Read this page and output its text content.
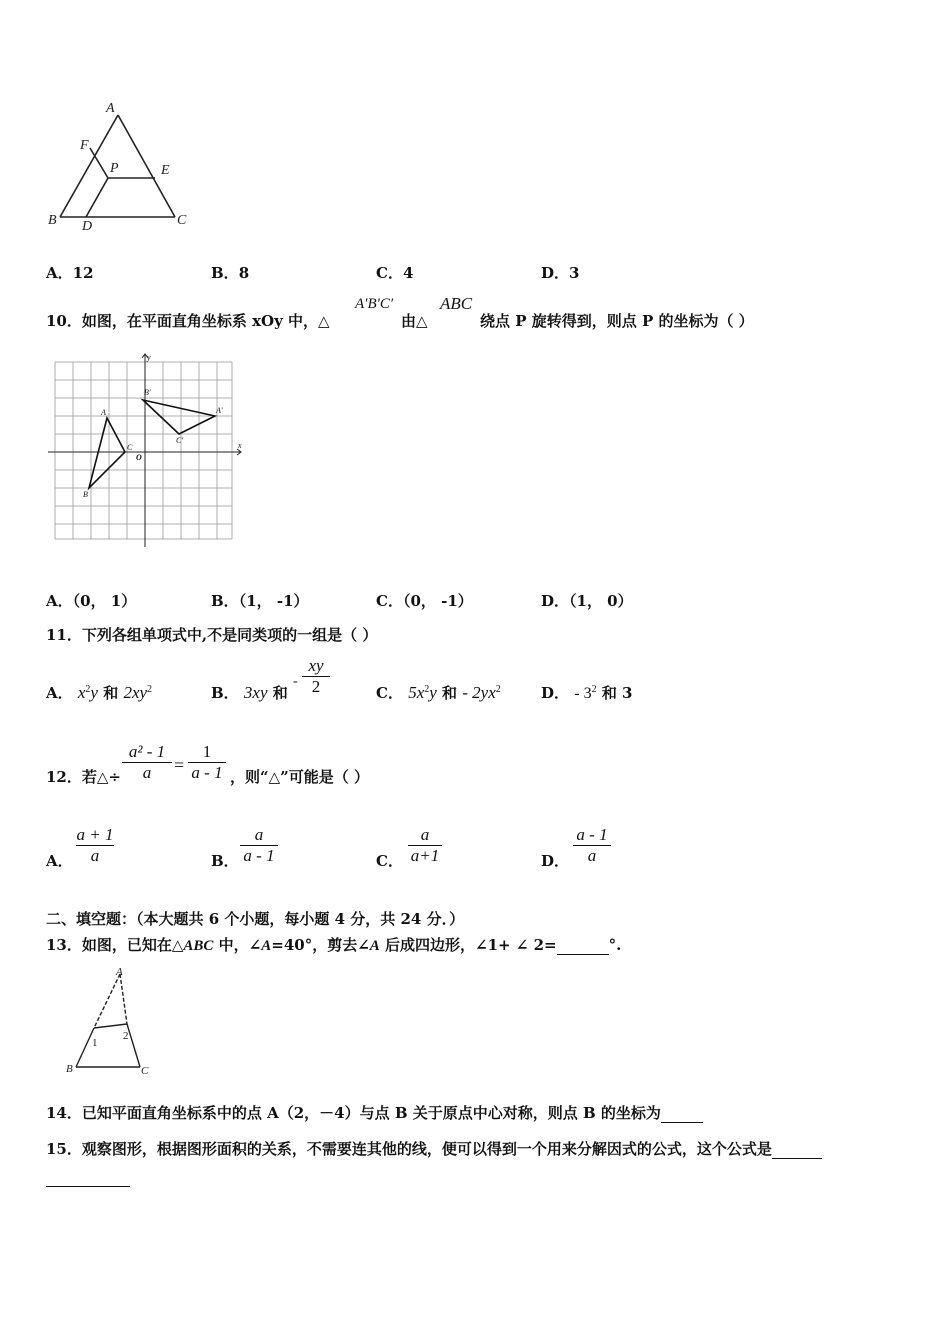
A
F
P	E
B D	C
A．12	B．8	C．4	D．3
10．如图，在平面直角坐标系 xOy 中，△
A′B′C′
由△
ABC
绕点 P 旋转得到，则点 P 的坐标为（ ）
A
B
C
A′
B′
C′
O
x
y
A．（0， 1）	B．（1， -1）	C．（0， -1）	D．（1， 0）
11．下列各组单项式中,不是同类项的一组是（ ）
A． $x^2y$ 和 $2xy^2$	B． 3xy 和
- $\frac{xy}{2}$	C． $5x^2y$ 和 - $2yx^2$	D． - $3^2$ 和 3
12．若△÷ $\frac{\text{a² - 1}}{a} = \frac{1}{a - 1}$ ，则“△”可能是（ ）
A． $\frac{a + 1}{a}$	B． $\frac{a}{a - 1}$	C． $\frac{a}{a+1}$	D． $\frac{a - 1}{a}$
二、填空题：（本大题共 6 个小题，每小题 4 分，共 24 分．）
13．如图，已知在△ABC 中，∠A=40°，剪去∠A 后成四边形，∠1+ ∠ 2=	°.
A
B	C
1
2
14．已知平面直角坐标系中的点 A（2，－4）与点 B 关于原点中心对称，则点 B 的坐标为
15．观察图形，根据图形面积的关系，不需要连其他的线，便可以得到一个用来分解因式的公式，这个公式是
